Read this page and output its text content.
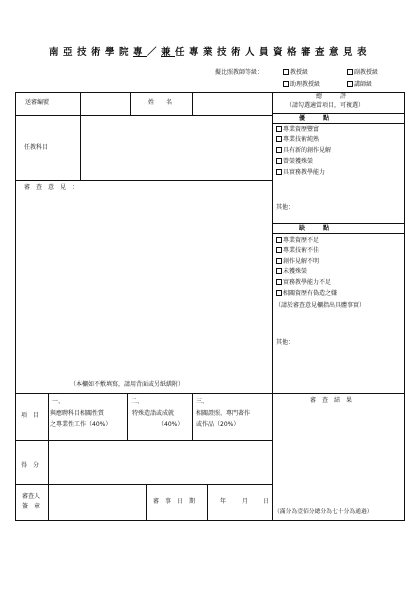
南亞技術學院專／兼任專業技術人員資格審查意見表
擬比照教師等級：	教授級	副教授級
助理教授級	講師級
送審編號	姓　　名
總　　　評
（請勾選適當項目，可複選）
任教科目
審　查　意　見　：
（本欄如不敷填寫，請用背面或另紙繕附）
優　　　點
專業資歷豐富
專業技術純熟
具有新的創作見解
曾榮獲殊榮
具實務教學能力
其他：
缺　　　點
專業資歷不足
專業技術不佳
創作見解不明
未獲殊榮
實務教學能力不足
相關資歷有偽造之嫌
（請於審查意見欄指出具體事實）
其他：
項　目
一、
與應聘科目相關性質
之專業性工作（40%）
二、
特殊造詣或成就
（40%）
三、
相關證照、專門著作
或作品（20%）
審　查　結　果
得　分
審查人
簽　章
審　事　日　期	年	月 日
（滿分為壹佰分總分為七十分為通過）
